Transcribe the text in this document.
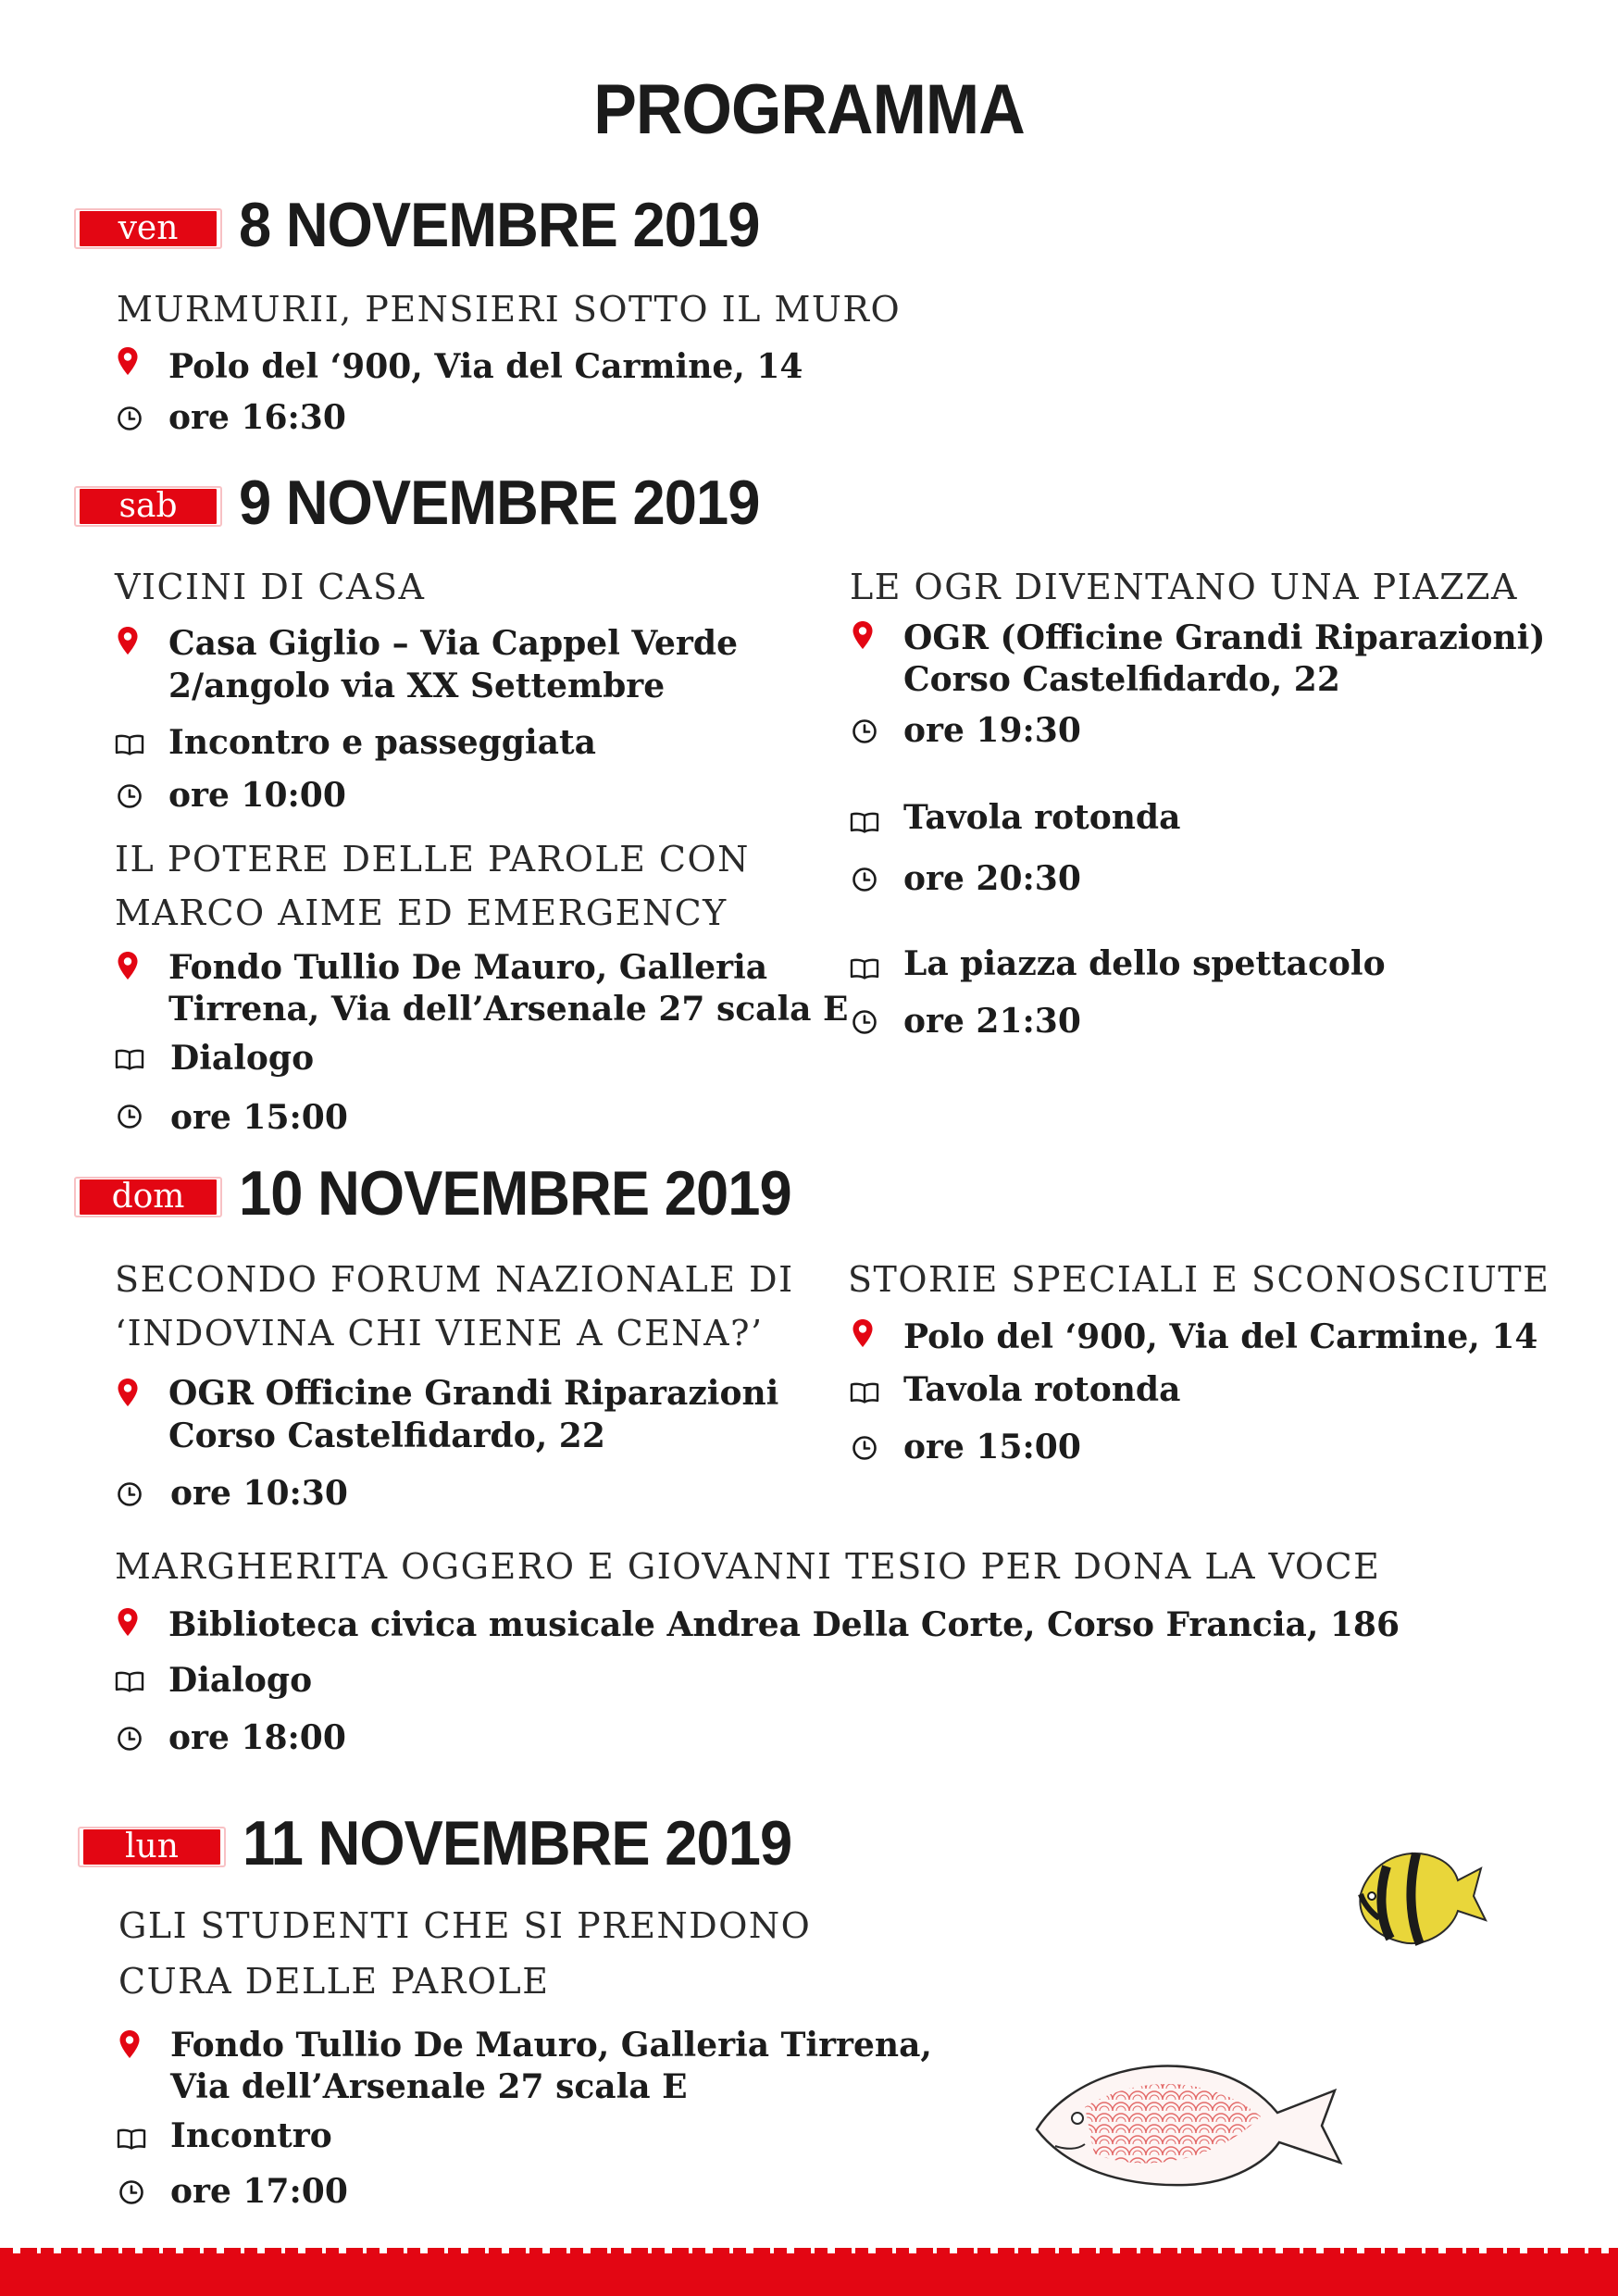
PROGRAMMA
ven 8 NOVEMBRE 2019
MURMURII, PENSIERI SOTTO IL MURO
Polo del ‘900, Via del Carmine, 14
ore 16:30
sab 9 NOVEMBRE 2019
VICINI DI CASA
Casa Giglio – Via Cappel Verde
2/angolo via XX Settembre
Incontro e passeggiata
ore 10:00
IL POTERE DELLE PAROLE CON
MARCO AIME ED EMERGENCY
Fondo Tullio De Mauro, Galleria
Tirrena, Via dell’Arsenale 27 scala E
Dialogo
ore 15:00
LE OGR DIVENTANO UNA PIAZZA
OGR (Officine Grandi Riparazioni)
Corso Castelfidardo, 22
ore 19:30
Tavola rotonda
ore 20:30
La piazza dello spettacolo
ore 21:30
dom 10 NOVEMBRE 2019
SECONDO FORUM NAZIONALE DI
‘INDOVINA CHI VIENE A CENA?’
OGR Officine Grandi Riparazioni
Corso Castelfidardo, 22
ore 10:30
STORIE SPECIALI E SCONOSCIUTE
Polo del ‘900, Via del Carmine, 14
Tavola rotonda
ore 15:00
MARGHERITA OGGERO E GIOVANNI TESIO PER DONA LA VOCE
Biblioteca civica musicale Andrea Della Corte, Corso Francia, 186
Dialogo
ore 18:00
lun	11 NOVEMBRE 2019
GLI STUDENTI CHE SI PRENDONO
CURA DELLE PAROLE
Fondo Tullio De Mauro, Galleria Tirrena,
Via dell’Arsenale 27 scala E
Incontro
ore 17:00
